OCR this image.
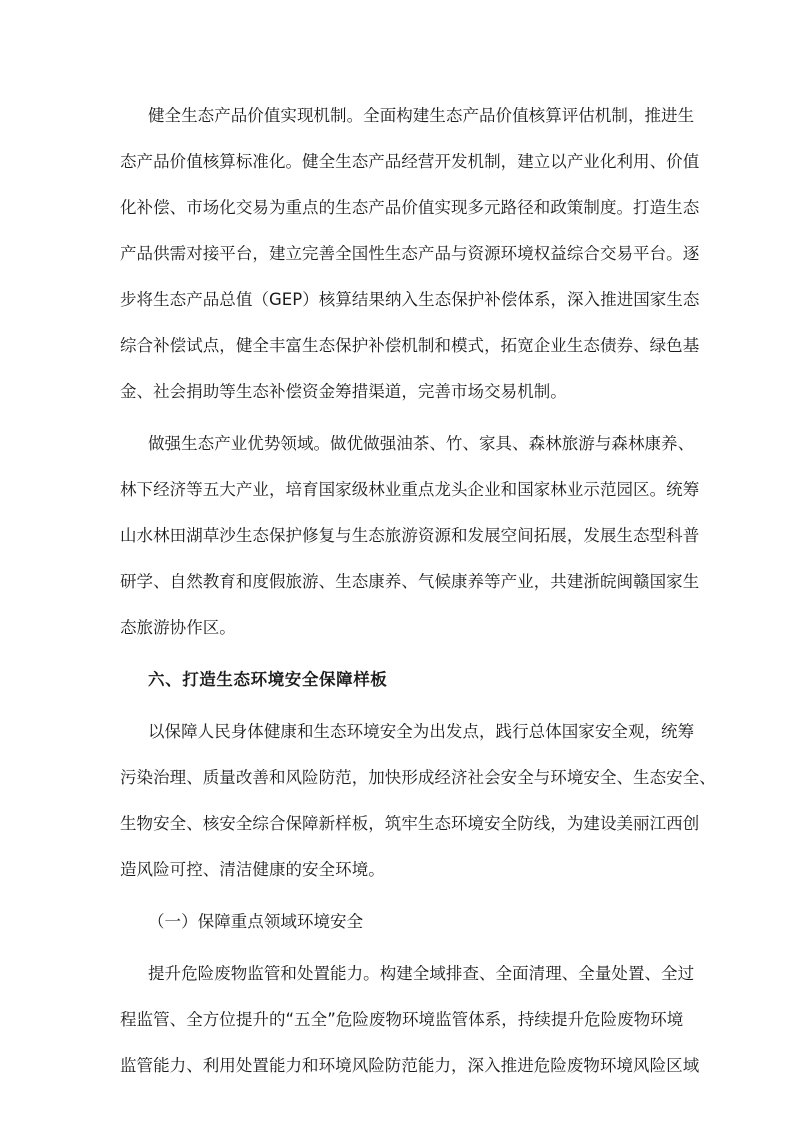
健全生态产品价值实现机制。全面构建生态产品价值核算评估机制，推进生
态产品价值核算标准化。健全生态产品经营开发机制，建立以产业化利用、价值
化补偿、市场化交易为重点的生态产品价值实现多元路径和政策制度。打造生态
产品供需对接平台，建立完善全国性生态产品与资源环境权益综合交易平台。逐
步将生态产品总值（GEP）核算结果纳入生态保护补偿体系，深入推进国家生态
综合补偿试点，健全丰富生态保护补偿机制和模式，拓宽企业生态债券、绿色基
金、社会捐助等生态补偿资金筹措渠道，完善市场交易机制。
做强生态产业优势领域。做优做强油茶、竹、家具、森林旅游与森林康养、
林下经济等五大产业，培育国家级林业重点龙头企业和国家林业示范园区。统筹
山水林田湖草沙生态保护修复与生态旅游资源和发展空间拓展，发展生态型科普
研学、自然教育和度假旅游、生态康养、气候康养等产业，共建浙皖闽赣国家生
态旅游协作区。
六、打造生态环境安全保障样板
以保障人民身体健康和生态环境安全为出发点，践行总体国家安全观，统筹
污染治理、质量改善和风险防范，加快形成经济社会安全与环境安全、生态安全、
生物安全、核安全综合保障新样板，筑牢生态环境安全防线，为建设美丽江西创
造风险可控、清洁健康的安全环境。
（一）保障重点领域环境安全
提升危险废物监管和处置能力。构建全域排查、全面清理、全量处置、全过
程监管、全方位提升的“五全”危险废物环境监管体系，持续提升危险废物环境
监管能力、利用处置能力和环境风险防范能力，深入推进危险废物环境风险区域
